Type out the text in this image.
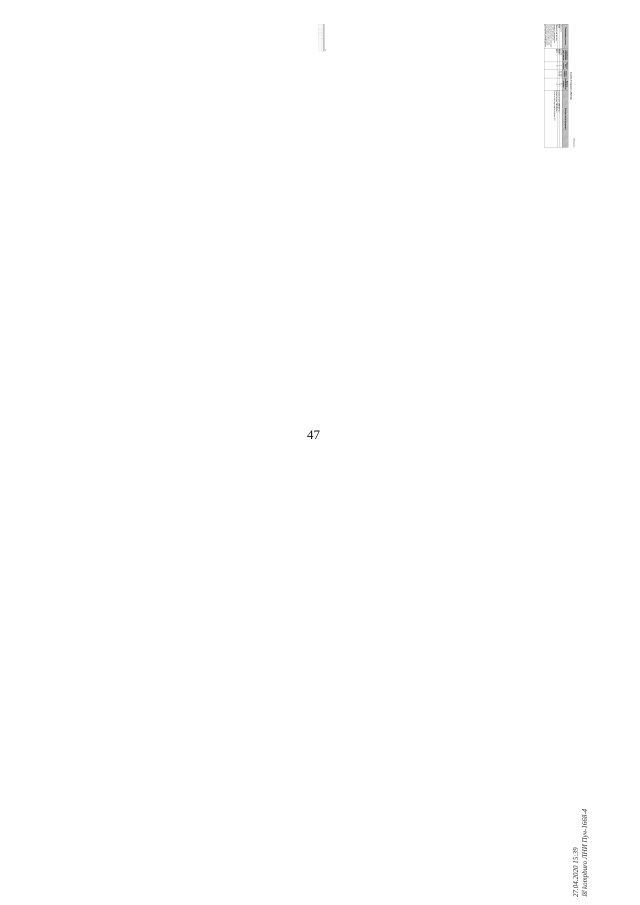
47
27.04.2020 15:39 ☒ kompburo ЛНИ Пуч-1668-4
Таблица 4.1
Файл обмена (Файл)
Наименование элемента	Сокращенное наименование (код) элемента	Признак типа элемента	Формат элемента	Признак обязательности элемента	Дополнительная информация
Идентификатор файла	ИдФайл	А	T(1-255)	ОУ	Содержит (повторяет) имя сформированного файла (без расширения)

Версия формата	ВерсФорм	А	T(1-5)	О	Принимает значение: 4.03

Тип информации	ТипИнф	А	T(1-50)	О	Принимает значение: СВУДОСДОГДАР

Версия передающей программы	ВерсПрог	А	T(1-40)	Н	

Количество документов	КолДок	А	N(9)	О	Принимает значение: 1. Указывается количество повторений элемента <Документ>

Сведения об отправителе	ИдОтпр	С		О	Состав элемента представлен в таблице 4.2

Сведения о нотариальном удостоверении договора дарения	Документ	С		О	Состав элемента представлен в таблице 4.3
Таблица 4.2
Сведения об отправителе (ИдОтпр)
Наименование элемента	Сокращенное наименование (код) элемента	Признак типа элемента	Формат элемента	Признак обязательности элемента	Дополнительная информация
Должность	ДолжОтв	А	T(1-100)	Н	

ИНН	ИННФЛ	А	T(=12)	О	Типовой элемент <ИННФЛТип>

Фамилия, имя, отчество нотариуса, занимающегося частной практикой, или помощника нотариуса либо иного замещающего нотариуса лица, осуществившего нотариальное удостоверение договора дарения	ФИО	С		О	Типовой элемент <ФИОПрТип>.
Состав элемента представлен в таблице 4.31
